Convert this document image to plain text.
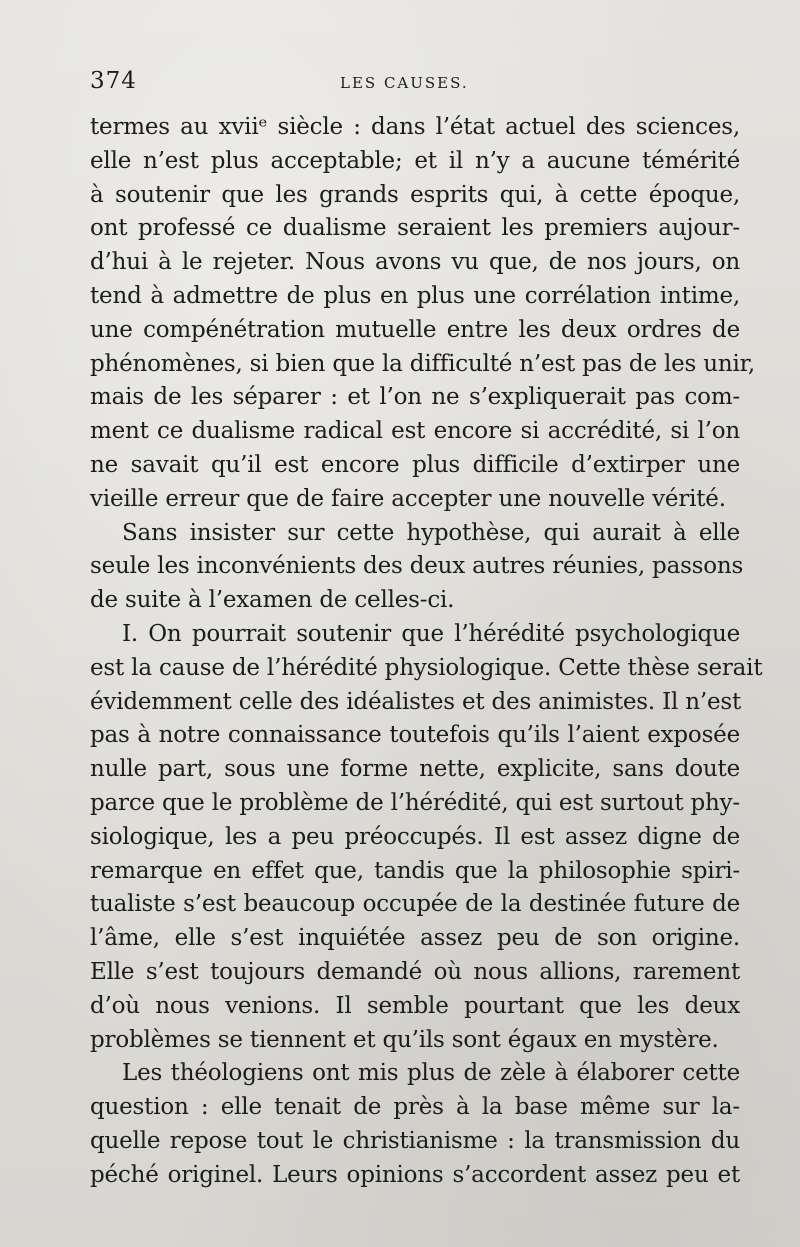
374	LES CAUSES.
termes au xviiᵉ siècle : dans l’état actuel des sciences,
elle n’est plus acceptable; et il n’y a aucune témérité
à soutenir que les grands esprits qui, à cette époque,
ont professé ce dualisme seraient les premiers aujour-
d’hui à le rejeter. Nous avons vu que, de nos jours, on
tend à admettre de plus en plus une corrélation intime,
une compénétration mutuelle entre les deux ordres de
phénomènes, si bien que la difficulté n’est pas de les unir,
mais de les séparer : et l’on ne s’expliquerait pas com-
ment ce dualisme radical est encore si accrédité, si l’on
ne savait qu’il est encore plus difficile d’extirper une
vieille erreur que de faire accepter une nouvelle vérité.
Sans insister sur cette hypothèse, qui aurait à elle
seule les inconvénients des deux autres réunies, passons
de suite à l’examen de celles-ci.
I. On pourrait soutenir que l’hérédité psychologique
est la cause de l’hérédité physiologique. Cette thèse serait
évidemment celle des idéalistes et des animistes. Il n’est
pas à notre connaissance toutefois qu’ils l’aient exposée
nulle part, sous une forme nette, explicite, sans doute
parce que le problème de l’hérédité, qui est surtout phy-
siologique, les a peu préoccupés. Il est assez digne de
remarque en effet que, tandis que la philosophie spiri-
tualiste s’est beaucoup occupée de la destinée future de
l’âme, elle s’est inquiétée assez peu de son origine.
Elle s’est toujours demandé où nous allions, rarement
d’où nous venions. Il semble pourtant que les deux
problèmes se tiennent et qu’ils sont égaux en mystère.
Les théologiens ont mis plus de zèle à élaborer cette
question : elle tenait de près à la base même sur la-
quelle repose tout le christianisme : la transmission du
péché originel. Leurs opinions s’accordent assez peu et
